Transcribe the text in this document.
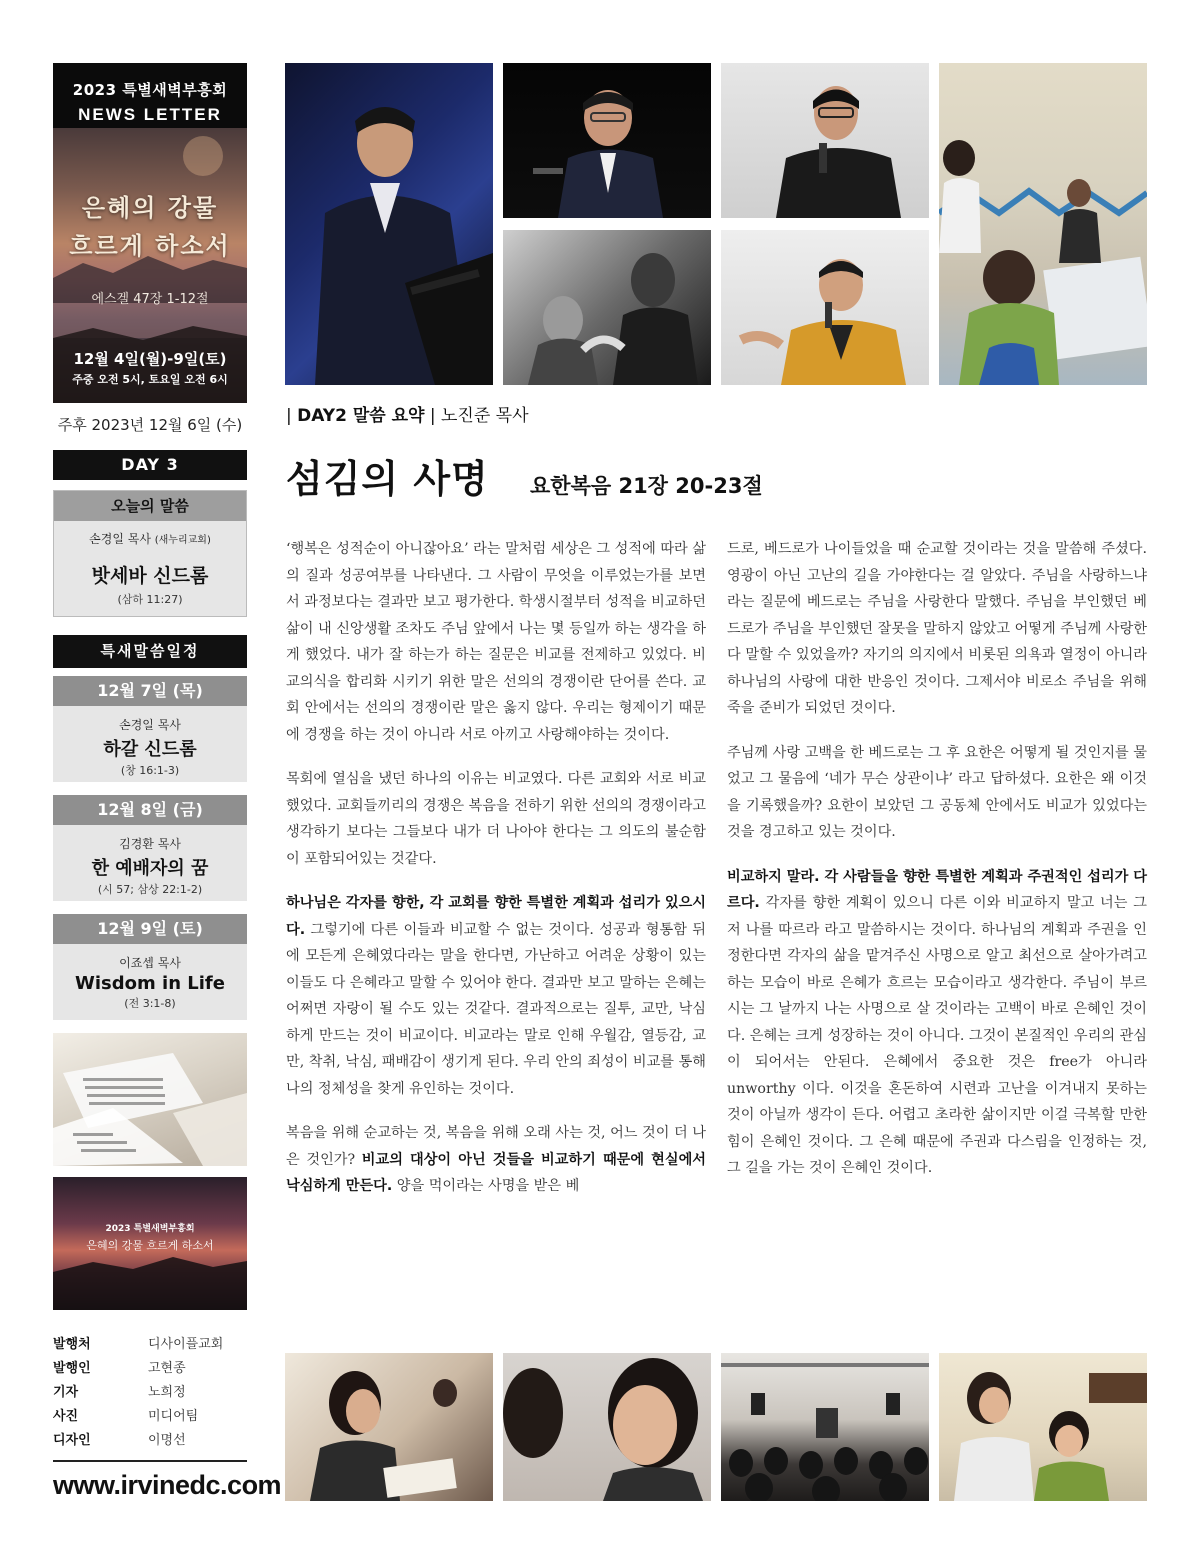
2023 특별새벽부흥회
NEWS LETTER
은혜의 강물
흐르게 하소서
에스겔 47장 1-12절
12월 4일(월)-9일(토)
주중 오전 5시, 토요일 오전 6시
주후 2023년 12월 6일 (수)
DAY 3
오늘의 말씀
손경일 목사 (새누리교회)
밧세바 신드롬
(삼하 11:27)
특새말씀일정
12월 7일 (목)
손경일 목사
하갈 신드롬
(창 16:1-3)
12월 8일 (금)
김경환 목사
한 예배자의 꿈
(시 57; 삼상 22:1-2)
12월 9일 (토)
이죠셉 목사
Wisdom in Life
(전 3:1-8)
2023 특별새벽부흥회
은혜의 강물 흐르게 하소서
발행처	디사이플교회
발행인	고현종
기자	노희정
사진	미디어팀
디자인	이명선
www.irvinedc.com
| DAY2 말씀 요약 | 노진준 목사
섬김의 사명 요한복음 21장 20-23절

‘행복은 성적순이 아니잖아요’ 라는 말처럼 세상은 그 성적에 따라 삶의 질과 성공여부를 나타낸다. 그 사람이 무엇을 이루었는가를 보면서 과정보다는 결과만 보고 평가한다. 학생시절부터 성적을 비교하던 삶이 내 신앙생활 조차도 주님 앞에서 나는 몇 등일까 하는 생각을 하게 했었다. 내가 잘 하는가 하는 질문은 비교를 전제하고 있었다. 비교의식을 합리화 시키기 위한 말은 선의의 경쟁이란 단어를 쓴다. 교회 안에서는 선의의 경쟁이란 말은 옳지 않다. 우리는 형제이기 때문에 경쟁을 하는 것이 아니라 서로 아끼고 사랑해야하는 것이다.

목회에 열심을 냈던 하나의 이유는 비교였다. 다른 교회와 서로 비교했었다. 교회들끼리의 경쟁은 복음을 전하기 위한 선의의 경쟁이라고 생각하기 보다는 그들보다 내가 더 나아야 한다는 그 의도의 불순함이 포함되어있는 것같다.

하나님은 각자를 향한, 각 교회를 향한 특별한 계획과 섭리가 있으시다. 그렇기에 다른 이들과 비교할 수 없는 것이다. 성공과 형통함 뒤에 모든게 은혜였다라는 말을 한다면, 가난하고 어려운 상황이 있는 이들도 다 은혜라고 말할 수 있어야 한다. 결과만 보고 말하는 은혜는 어쩌면 자랑이 될 수도 있는 것같다. 결과적으로는 질투, 교만, 낙심하게 만드는 것이 비교이다. 비교라는 말로 인해 우월감, 열등감, 교만, 착취, 낙심, 패배감이 생기게 된다. 우리 안의 죄성이 비교를 통해 나의 정체성을 찾게 유인하는 것이다.

복음을 위해 순교하는 것, 복음을 위해 오래 사는 것, 어느 것이 더 나은 것인가? 비교의 대상이 아닌 것들을 비교하기 때문에 현실에서 낙심하게 만든다. 양을 먹이라는 사명을 받은 베

드로, 베드로가 나이들었을 때 순교할 것이라는 것을 말씀해 주셨다. 영광이 아닌 고난의 길을 가야한다는 걸 알았다. 주님을 사랑하느냐라는 질문에 베드로는 주님을 사랑한다 말했다. 주님을 부인했던 베드로가 주님을 부인했던 잘못을 말하지 않았고 어떻게 주님께 사랑한다 말할 수 있었을까? 자기의 의지에서 비롯된 의욕과 열정이 아니라 하나님의 사랑에 대한 반응인 것이다. 그제서야 비로소 주님을 위해 죽을 준비가 되었던 것이다.

주님께 사랑 고백을 한 베드로는 그 후 요한은 어떻게 될 것인지를 물었고 그 물음에 ‘네가 무슨 상관이냐’ 라고 답하셨다. 요한은 왜 이것을 기록했을까? 요한이 보았던 그 공동체 안에서도 비교가 있었다는 것을 경고하고 있는 것이다.

비교하지 말라. 각 사람들을 향한 특별한 계획과 주권적인 섭리가 다르다. 각자를 향한 계획이 있으니 다른 이와 비교하지 말고 너는 그저 나를 따르라 라고 말씀하시는 것이다. 하나님의 계획과 주권을 인정한다면 각자의 삶을 맡겨주신 사명으로 알고 최선으로 살아가려고 하는 모습이 바로 은혜가 흐르는 모습이라고 생각한다. 주님이 부르시는 그 날까지 나는 사명으로 살 것이라는 고백이 바로 은혜인 것이다. 은혜는 크게 성장하는 것이 아니다. 그것이 본질적인 우리의 관심이 되어서는 안된다. 은혜에서 중요한 것은 free가 아니라 unworthy 이다. 이것을 혼돈하여 시련과 고난을 이겨내지 못하는 것이 아닐까 생각이 든다. 어렵고 초라한 삶이지만 이걸 극복할 만한 힘이 은혜인 것이다. 그 은혜 때문에 주권과 다스림을 인정하는 것, 그 길을 가는 것이 은혜인 것이다.
